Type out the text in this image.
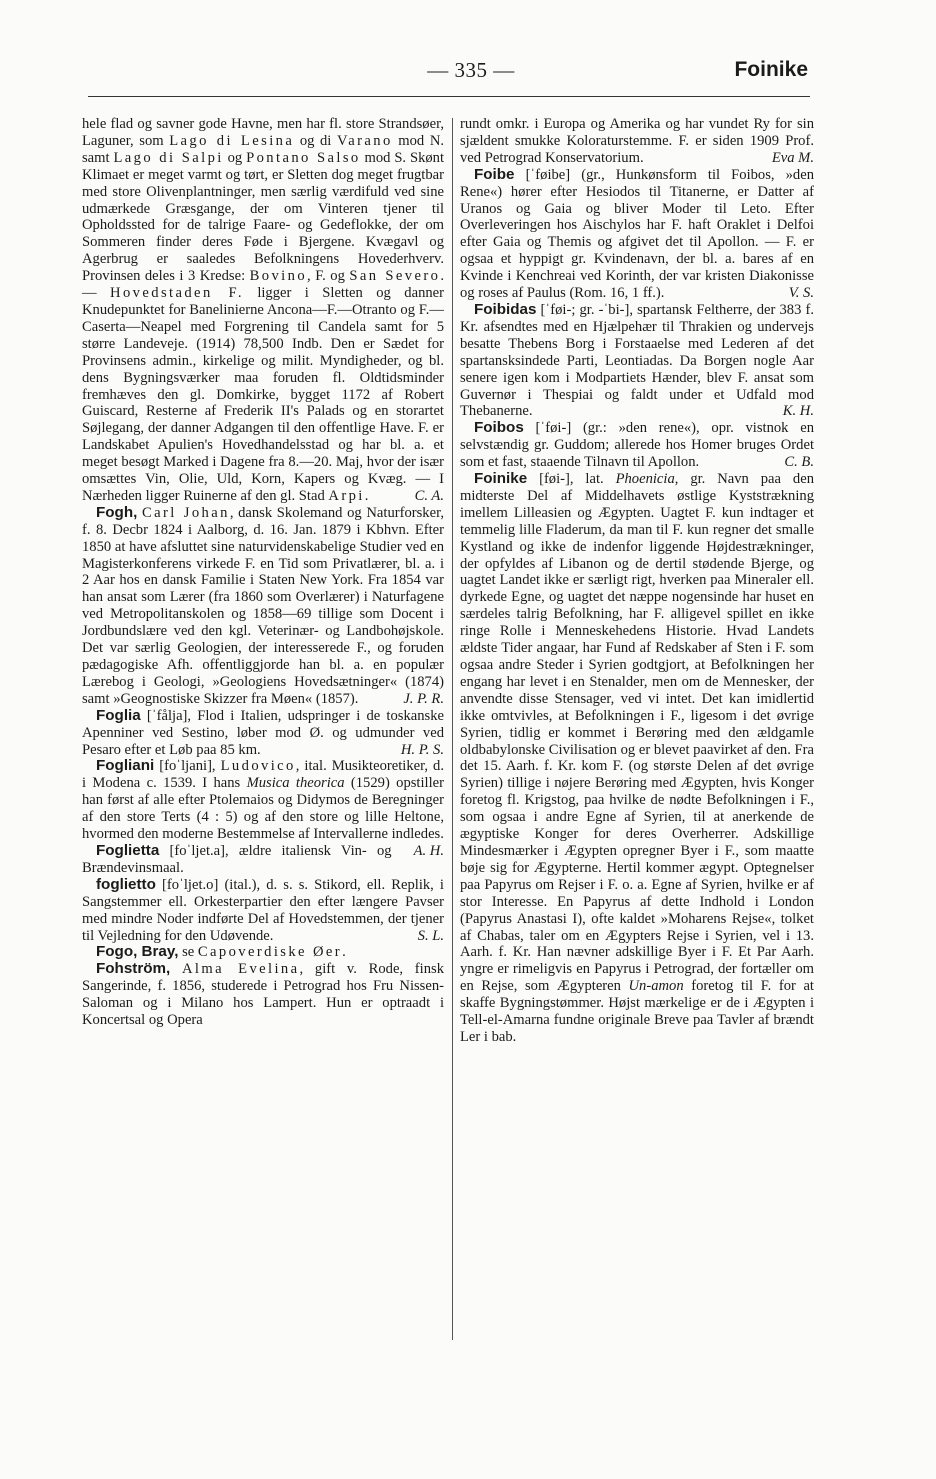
— 335 —	Foinike

hele flad og savner gode Havne, men har fl. store Strandsøer, Laguner, som Lago di Lesina og di Varano mod N. samt Lago di Salpi og Pontano Salso mod S. Skønt Klimaet er meget varmt og tørt, er Sletten dog meget frugtbar med store Olivenplantninger, men særlig værdifuld ved sine udmærkede Græsgange, der om Vinteren tjener til Opholdssted for de talrige Faare- og Gedeflokke, der om Sommeren finder deres Føde i Bjergene. Kvægavl og Agerbrug er saaledes Befolkningens Hovederhverv. Provinsen deles i 3 Kredse: Bovino, F. og San Severo. — Hovedstaden F. ligger i Sletten og danner Knudepunktet for Banelinierne Ancona—F.—Otranto og F.—Caserta—Neapel med Forgrening til Candela samt for 5 større Landeveje. (1914) 78,500 Indb. Den er Sædet for Provinsens admin., kirkelige og milit. Myndigheder, og bl. dens Bygningsværker maa foruden fl. Oldtidsminder fremhæves den gl. Domkirke, bygget 1172 af Robert Guiscard, Resterne af Frederik II's Palads og en storartet Søjlegang, der danner Adgangen til den offentlige Have. F. er Landskabet Apulien's Hovedhandelsstad og har bl. a. et meget besøgt Marked i Dagene fra 8.—20. Maj, hvor der især omsættes Vin, Olie, Uld, Korn, Kapers og Kvæg. — I Nærheden ligger Ruinerne af den gl. Stad Arpi.	C. A.

Fogh, Carl Johan, dansk Skolemand og Naturforsker, f. 8. Decbr 1824 i Aalborg, d. 16. Jan. 1879 i Kbhvn. Efter 1850 at have afsluttet sine naturvidenskabelige Studier ved en Magisterkonferens virkede F. en Tid som Privatlærer, bl. a. i 2 Aar hos en dansk Familie i Staten New York. Fra 1854 var han ansat som Lærer (fra 1860 som Overlærer) i Naturfagene ved Metropolitanskolen og 1858—69 tillige som Docent i Jordbundslære ved den kgl. Veterinær- og Landbohøjskole. Det var særlig Geologien, der interesserede F., og foruden pædagogiske Afh. offentliggjorde han bl. a. en populær Lærebog i Geologi, »Geologiens Hovedsætninger« (1874) samt »Geognostiske Skizzer fra Møen« (1857).	J. P. R.

Foglia [ˈfålja], Flod i Italien, udspringer i de toskanske Apenniner ved Sestino, løber mod Ø. og udmunder ved Pesaro efter et Løb paa 85 km.	H. P. S.

Fogliani [foˈljani], Ludovico, ital. Musikteoretiker, d. i Modena c. 1539. I hans Musica theorica (1529) opstiller han først af alle efter Ptolemaios og Didymos de Beregninger af den store Terts (4 : 5) og af den store og lille Heltone, hvormed den moderne Bestemmelse af Intervallerne indledes.
A. H.

Foglietta [foˈljet.a], ældre italiensk Vin- og Brændevinsmaal.

foglietto [foˈljet.o] (ital.), d. s. s. Stikord, ell. Replik, i Sangstemmer ell. Orkesterpartier den efter længere Pavser med mindre Noder indførte Del af Hovedstemmen, der tjener til Vejledning for den Udøvende.	S. L.

Fogo, Bray, se Capoverdiske Øer.

Fohström, Alma Evelina, gift v. Rode, finsk Sangerinde, f. 1856, studerede i Petrograd hos Fru Nissen-Saloman og i Milano hos Lampert. Hun er optraadt i Koncertsal og Opera

rundt omkr. i Europa og Amerika og har vundet Ry for sin sjældent smukke Koloraturstemme. F. er siden 1909 Prof. ved Petrograd Konservatorium.	Eva M.

Foibe [ˈføibe] (gr., Hunkønsform til Foibos, »den Rene«) hører efter Hesiodos til Titanerne, er Datter af Uranos og Gaia og bliver Moder til Leto. Efter Overleveringen hos Aischylos har F. haft Oraklet i Delfoi efter Gaia og Themis og afgivet det til Apollon. — F. er ogsaa et hyppigt gr. Kvindenavn, der bl. a. bares af en Kvinde i Kenchreai ved Korinth, der var kristen Diakonisse og roses af Paulus (Rom. 16, 1 ff.).	V. S.

Foibidas [ˈføi-; gr. -ˈbi-], spartansk Feltherre, der 383 f. Kr. afsendtes med en Hjælpehær til Thrakien og undervejs besatte Thebens Borg i Forstaaelse med Lederen af det spartansksindede Parti, Leontiadas. Da Borgen nogle Aar senere igen kom i Modpartiets Hænder, blev F. ansat som Guvernør i Thespiai og faldt under et Udfald mod Thebanerne.	K. H.

Foibos [ˈføi-] (gr.: »den rene«), opr. vistnok en selvstændig gr. Guddom; allerede hos Homer bruges Ordet som et fast, staaende Tilnavn til Apollon.	C. B.

Foinike [føi-], lat. Phoenicia, gr. Navn paa den midterste Del af Middelhavets østlige Kyststrækning imellem Lilleasien og Ægypten. Uagtet F. kun indtager et temmelig lille Fladerum, da man til F. kun regner det smalle Kystland og ikke de indenfor liggende Højdestrækninger, der opfyldes af Libanon og de dertil stødende Bjerge, og uagtet Landet ikke er særligt rigt, hverken paa Mineraler ell. dyrkede Egne, og uagtet det næppe nogensinde har huset en særdeles talrig Befolkning, har F. alligevel spillet en ikke ringe Rolle i Menneskehedens Historie. Hvad Landets ældste Tider angaar, har Fund af Redskaber af Sten i F. som ogsaa andre Steder i Syrien godtgjort, at Befolkningen her engang har levet i en Stenalder, men om de Mennesker, der anvendte disse Stensager, ved vi intet. Det kan imidlertid ikke omtvivles, at Befolkningen i F., ligesom i det øvrige Syrien, tidlig er kommet i Berøring med den ældgamle oldbabylonske Civilisation og er blevet paavirket af den. Fra det 15. Aarh. f. Kr. kom F. (og største Delen af det øvrige Syrien) tillige i nøjere Berøring med Ægypten, hvis Konger foretog fl. Krigstog, paa hvilke de nødte Befolkningen i F., som ogsaa i andre Egne af Syrien, til at anerkende de ægyptiske Konger for deres Overherrer. Adskillige Mindesmærker i Ægypten opregner Byer i F., som maatte bøje sig for Ægypterne. Hertil kommer ægypt. Optegnelser paa Papyrus om Rejser i F. o. a. Egne af Syrien, hvilke er af stor Interesse. En Papyrus af dette Indhold i London (Papyrus Anastasi I), ofte kaldet »Moharens Rejse«, tolket af Chabas, taler om en Ægypters Rejse i Syrien, vel i 13. Aarh. f. Kr. Han nævner adskillige Byer i F. Et Par Aarh. yngre er rimeligvis en Papyrus i Petrograd, der fortæller om en Rejse, som Ægypteren Un-amon foretog til F. for at skaffe Bygningstømmer. Højst mærkelige er de i Ægypten i Tell-el-Amarna fundne originale Breve paa Tavler af brændt Ler i bab.
